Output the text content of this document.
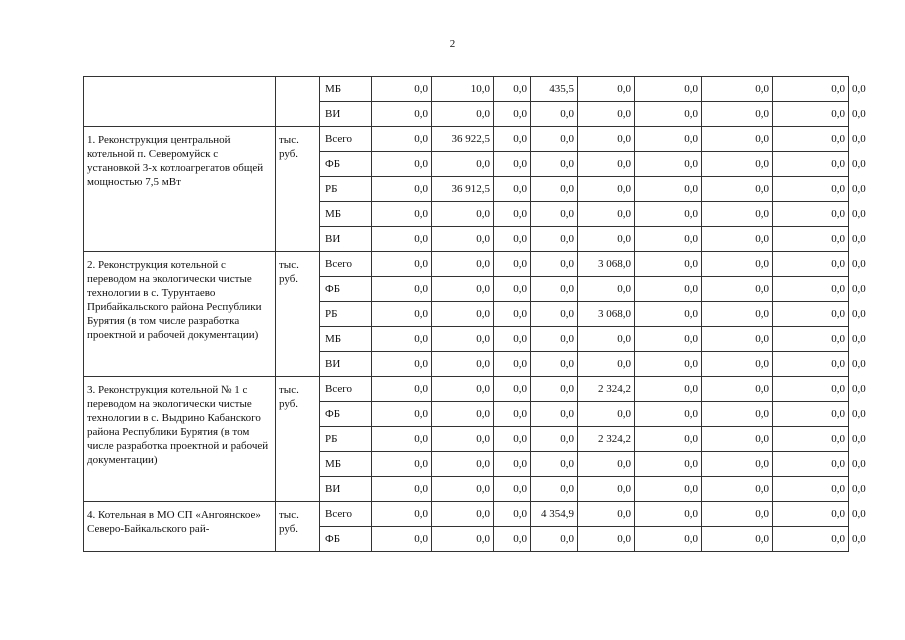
2
		МБ	0,0	10,0	0,0	435,5	0,0	0,0	0,0	0,0	0,0
		ВИ	0,0	0,0	0,0	0,0	0,0	0,0	0,0	0,0	0,0
1. Реконструкция центральной котельной п. Северомуйск с установкой 3-х котлоагрегатов общей мощностью 7,5 мВт	тыс. руб.	Всего	0,0	36 922,5	0,0	0,0	0,0	0,0	0,0	0,0	0,0
		ФБ	0,0	0,0	0,0	0,0	0,0	0,0	0,0	0,0	0,0
		РБ	0,0	36 912,5	0,0	0,0	0,0	0,0	0,0	0,0	0,0
		МБ	0,0	0,0	0,0	0,0	0,0	0,0	0,0	0,0	0,0
		ВИ	0,0	0,0	0,0	0,0	0,0	0,0	0,0	0,0	0,0
2. Реконструкция котельной с переводом на экологически чистые технологии в с. Турунтаево Прибайкальского района Республики Бурятия (в том числе разработка проектной и рабочей документации)	тыс. руб.	Всего	0,0	0,0	0,0	0,0	3 068,0	0,0	0,0	0,0	0,0
		ФБ	0,0	0,0	0,0	0,0	0,0	0,0	0,0	0,0	0,0
		РБ	0,0	0,0	0,0	0,0	3 068,0	0,0	0,0	0,0	0,0
		МБ	0,0	0,0	0,0	0,0	0,0	0,0	0,0	0,0	0,0
		ВИ	0,0	0,0	0,0	0,0	0,0	0,0	0,0	0,0	0,0
3. Реконструкция котельной № 1 с переводом на экологически чистые технологии в с. Выдрино Кабанского района Республики Бурятия (в том числе разработка проектной и рабочей документации)	тыс. руб.	Всего	0,0	0,0	0,0	0,0	2 324,2	0,0	0,0	0,0	0,0
		ФБ	0,0	0,0	0,0	0,0	0,0	0,0	0,0	0,0	0,0
		РБ	0,0	0,0	0,0	0,0	2 324,2	0,0	0,0	0,0	0,0
		МБ	0,0	0,0	0,0	0,0	0,0	0,0	0,0	0,0	0,0
		ВИ	0,0	0,0	0,0	0,0	0,0	0,0	0,0	0,0	0,0
4. Котельная в МО СП «Ангоянское» Северо-Байкальского рай-	тыс. руб.	Всего	0,0	0,0	0,0	4 354,9	0,0	0,0	0,0	0,0	0,0
		ФБ	0,0	0,0	0,0	0,0	0,0	0,0	0,0	0,0	0,0
